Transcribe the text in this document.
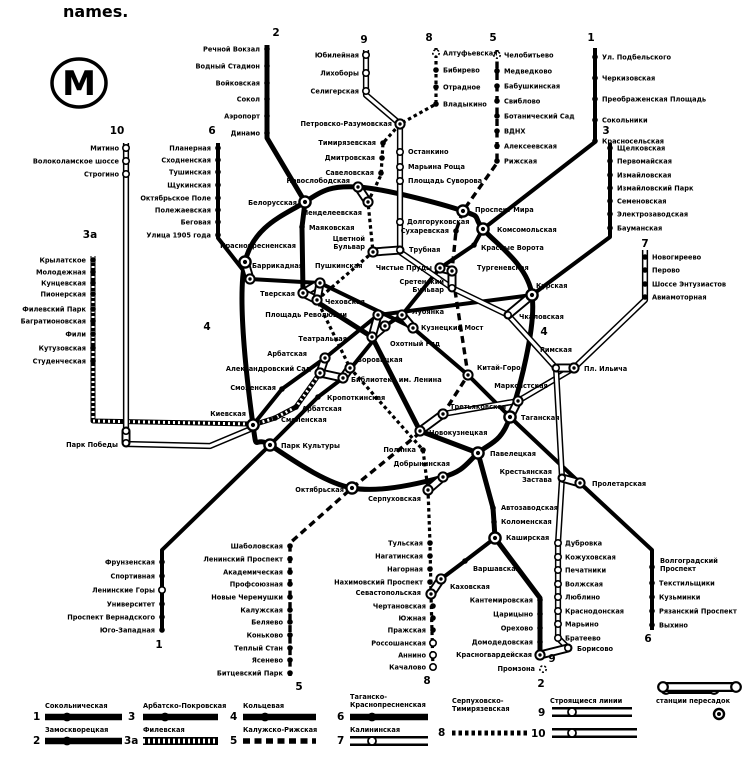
names.
Ул. Подбельского
Черкизовская
Преображенская Площадь
Сокольники
Красносельская
Комсомольская
Красные Ворота
Чистые Пруды
Лубянка
Охотный Ряд
Библиотека им. Ленина
Кропоткинская
Парк Культуры
Фрунзенская
Спортивная
Ленинские Горы
Университет
Проспект Вернадского
Юго-Западная
Речной Вокзал
Водный Стадион
Войковская
Сокол
Аэропорт
Динамо
Белорусская
Маяковская
Тверская
Театральная
Новокузнецкая
Павелецкая
Автозаводская
Коломенская
Каширская
Кантемировская
Царицыно
Орехово
Домодедовская
Красногвардейская
Промзона
Варшавская
Каховская
Щелковская
Первомайская
Измайловская
Измайловский Парк
Семеновская
Электрозаводская
Бауманская
Курская
Площадь Революции
Арбатская
Смоленская
Киевская
Крылатское
Молодежная
Кунцевская
Пионерская
Филевский Парк
Багратионовская
Фили
Кутузовская
Студенческая
Смоленская
Арбатская
Александровский Сад
Новослободская
Проспект Мира
Добрынинская
Октябрьская
Краснопресненская
Челобитьево
Медведково
Бабушкинская
Свиблово
Ботанический Сад
ВДНХ
Алексеевская
Рижская
Сухаревская
Тургеневская
Китай-Город
Третьяковская
Шаболовская
Ленинский Проспект
Академическая
Профсоюзная
Новые Черемушки
Калужская
Беляево
Коньково
Теплый Стан
Ясенево
Битцевский Парк
Планерная
Сходненская
Тушинская
Щукинская
Октябрьское Поле
Полежаевская
Беговая
Улица 1905 года
Баррикадная Пушкинская
Кузнецкий Мост
Таганская
Пролетарская
Волгоградский Проспект
Текстильщики
Кузьминки
Рязанский Проспект
Выхино
Новогиреево
Перово
Шоссе Энтузиастов
Авиамоторная
Пл. Ильича
Марксистская
Алтуфьевская
Бибирево
Отрадное
Владыкино
Петровско-Разумовская
Тимирязевская
Дмитровская
Савеловская
Менделеевская
Цветной Бульвар
Чеховская
Боровицкая
Полянка
Серпуховская
Тульская
Нагатинская
Нагорная
Нахимовский Проспект
Севастопольская
Чертановская
Южная
Пражская
Россошанская
Аннино
Качалово
Юбилейная
Лихоборы
Селигерская
Останкино
Марьина Роща
Площадь Суворова
Долгоруковская
Трубная
Сретенский Бульвар
Чкаловская
Римская
Крестьянская Застава
Дубровка
Кожуховская
Печатники
Волжская
Люблино
Краснодонская
Марьино
Братеево
Борисово
Митино
Волоколамское шоссе
Строгино
Парк Победы
2
9	8	5	1
10	6	3
3а
7
4	4
1
5	8	2
6
9
М
1
Сокольническая
2
Замоскворецкая
3
Арбатско-Покровская
3а
Филевская
4
Кольцевая
5
Калужско-Рижская
6
Таганско-Краснопресненская
7
Калининская	8
Серпуховско-Тимирязевская	9
10
Строящиеся линии	станции пересадок
